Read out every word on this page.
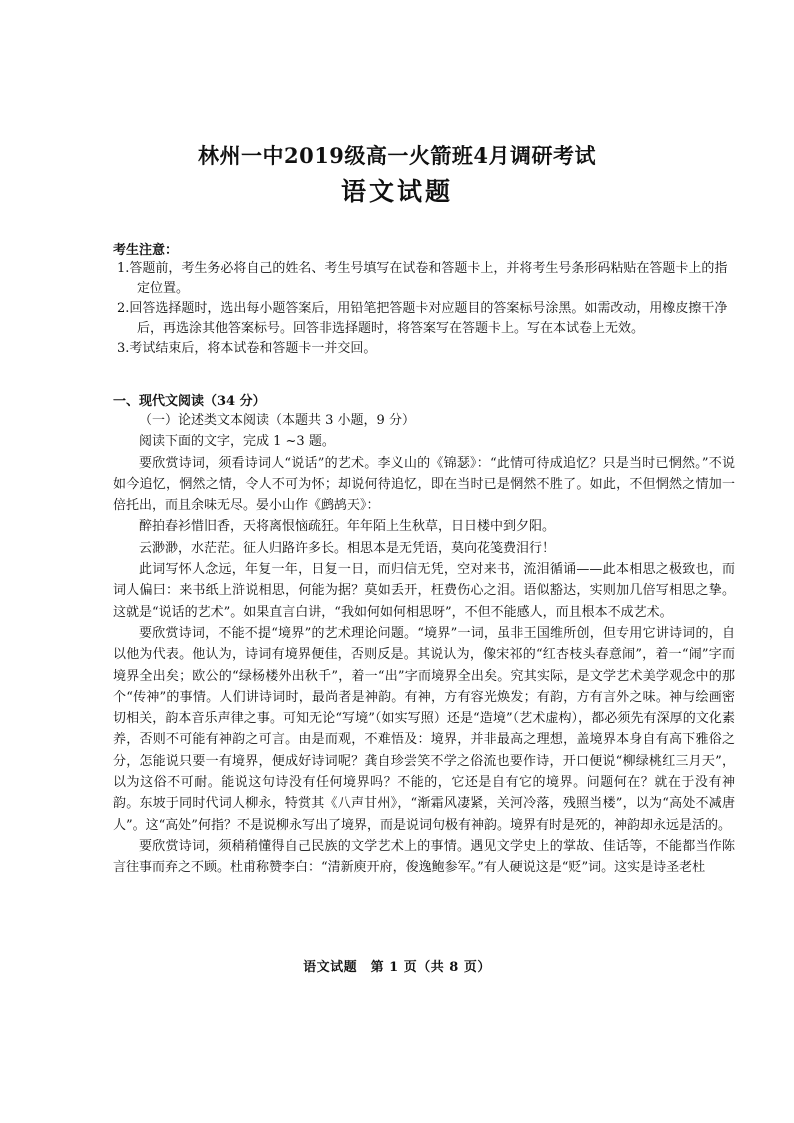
林州一中2019级高一火箭班4月调研考试
语文试题
考生注意：
1.答题前，考生务必将自己的姓名、考生号填写在试卷和答题卡上，并将考生号条形码粘贴在答题卡上的指定位置。
2.回答选择题时，选出每小题答案后，用铅笔把答题卡对应题目的答案标号涂黑。如需改动，用橡皮擦干净后，再选涂其他答案标号。回答非选择题时，将答案写在答题卡上。写在本试卷上无效。
3.考试结束后，将本试卷和答题卡一并交回。
一、现代文阅读（34 分）

（一）论述类文本阅读（本题共 3 小题，9 分）

阅读下面的文字，完成 1 ~3 题。

要欣赏诗词，须看诗词人“说话”的艺术。李义山的《锦瑟》：“此情可待成追忆？只是当时已惘然。”不说如今追忆，惘然之情，令人不可为怀；却说何待追忆，即在当时已是惘然不胜了。如此，不但惘然之情加一倍托出，而且余味无尽。晏小山作《鹧鸪天》：

醉拍春衫惜旧香，天将离恨恼疏狂。年年陌上生秋草，日日楼中到夕阳。

云渺渺，水茫茫。征人归路许多长。相思本是无凭语，莫向花笺费泪行！

此词写怀人念远，年复一年，日复一日，而归信无凭，空对来书，流泪循诵——此本相思之极致也，而词人偏曰：来书纸上浒说相思，何能为据？莫如丢开，枉费伤心之泪。语似豁达，实则加几倍写相思之挚。这就是“说话的艺术”。如果直言白讲，“我如何如何相思呀”，不但不能感人，而且根本不成艺术。

要欣赏诗词，不能不提“境界”的艺术理论问题。“境界”一词，虽非王国维所创，但专用它讲诗词的，自以他为代表。他认为，诗词有境界便佳，否则反是。其说认为，像宋祁的“红杏枝头春意闹”，着一“闹”字而境界全出矣；欧公的“绿杨楼外出秋千”，着一“出”字而境界全出矣。究其实际，是文学艺术美学观念中的那个“传神”的事情。人们讲诗词时，最尚者是神韵。有神，方有容光焕发；有韵，方有言外之味。神与绘画密切相关，韵本音乐声律之事。可知无论“写境”（如实写照）还是“造境”（艺术虚构），都必须先有深厚的文化素养，否则不可能有神韵之可言。由是而观，不难悟及：境界，并非最高之理想，盖境界本身自有高下雅俗之分，怎能说只要一有境界，便成好诗词呢？龚自珍尝笑不学之俗流也要作诗，开口便说“柳绿桃红三月天”，以为这俗不可耐。能说这句诗没有任何境界吗？不能的，它还是自有它的境界。问题何在？就在于没有神韵。东坡于同时代词人柳永，特赏其《八声甘州》，“渐霜风凄紧，关河冷落，残照当楼”，以为“高处不减唐人”。这“高处”何指？不是说柳永写出了境界，而是说词句极有神韵。境界有时是死的，神韵却永远是活的。

要欣赏诗词，须稍稍懂得自己民族的文学艺术上的事情。遇见文学史上的掌故、佳话等，不能都当作陈言往事而弃之不顾。杜甫称赞李白：“清新庾开府，俊逸鲍参军。”有人硬说这是“贬”词。这实是诗圣老杜

语文试题　第 1 页（共 8 页）
